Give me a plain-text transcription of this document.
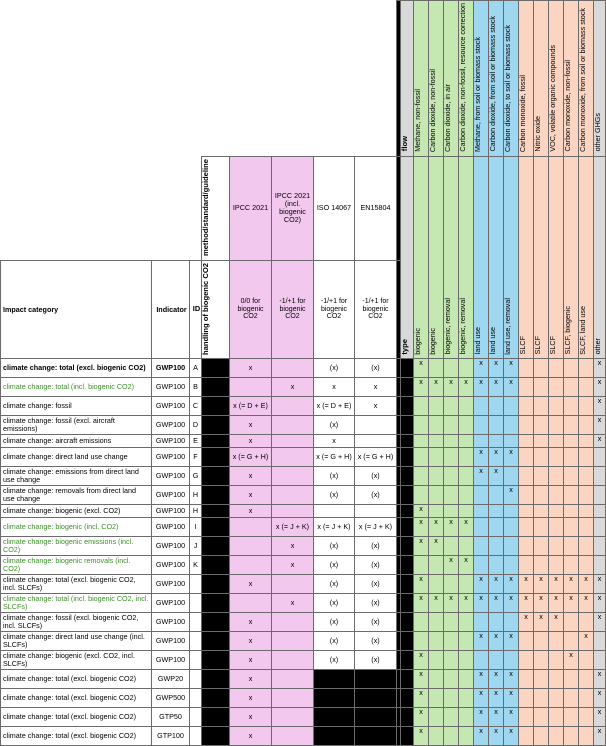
										flow	Methane, non-fossil	Carbon dioxide, non-fossil	Carbon dioxide, in air	Carbon dioxide, non-fossil, resource correction	Methane, from soil or biomass stock	Carbon dioxide, from soil or biomass stock	Carbon dioxide, to soil or biomass stock	Carbon monoxide, fossil	Nitric oxide	VOC, volatile organic compounds	Carbon monoxide, non-fossil	Carbon monoxide, from soil or biomass stock	other GHGs
			method/standard/guideline		IPCC 2021	IPCC 2021 (incl. biogenic CO2)	ISO 14067	EN15804		type	biogenic	biogenic	biogenic, removal	biogenic, removal	land use	land use	land use, removal	SLCF	SLCF	SLCF	SLCF, biogenic	SLCF, land use	other
Impact category	Indicator	ID	handling of biogenic CO2		0/0 for biogenic CO2	-1/+1 for biogenic CO2	-1/+1 for biogenic CO2	-1/+1 for biogenic CO2															
climate change: total (excl. biogenic CO2)	GWP100	A			x		(x)	(x)			x				x	x	x						x
climate change: total (incl. biogenic CO2)	GWP100	B				x	x	x			x	x	x	x	x	x	x						x
climate change: fossil	GWP100	C			x (= D + E)		x (= D + E)	x															x
climate change: fossil (excl. aircraft emissions)	GWP100	D			x		(x)																x
climate change: aircraft emissions	GWP100	E			x		x																x
climate change: direct land use change	GWP100	F			x (= G + H)		x (= G + H)	x (= G + H)							x	x	x						
climate change: emissions from direct land use change	GWP100	G			x		(x)	(x)							x	x							
climate change: removals from direct land use change	GWP100	H			x		(x)	(x)									x						
climate change: biogenic (excl. CO2)	GWP100	H			x						x												
climate change: biogenic (incl. CO2)	GWP100	I				x (= J + K)	x (= J + K)	x (= J + K)			x	x	x	x									
climate change: biogenic emissions (incl. CO2)	GWP100	J				x	(x)	(x)			x	x											
climate change: biogenic removals (incl. CO2)	GWP100	K				x	(x)	(x)					x	x									
climate change: total (excl. biogenic CO2, incl. SLCFs)	GWP100				x		(x)	(x)			x				x	x	x	x	x	x	x	x	x
climate change: total (incl. biogenic CO2, incl. SLCFs)	GWP100					x	(x)	(x)			x	x	x	x	x	x	x	x	x	x	x	x	x
climate change: fossil (excl. biogenic CO2, incl. SLCFs)	GWP100				x		(x)	(x)										x	x	x			x
climate change: direct land use change (incl. SLCFs)	GWP100				x		(x)	(x)							x	x	x					x	
climate change: biogenic (excl. CO2, incl. SLCFs)	GWP100				x		(x)	(x)			x										x		
climate change: total (excl. biogenic CO2)	GWP20				x						x				x	x	x						x
climate change: total (excl. biogenic CO2)	GWP500				x						x				x	x	x						x
climate change: total (excl. biogenic CO2)	GTP50				x						x				x	x	x						x
climate change: total (excl. biogenic CO2)	GTP100				x						x				x	x	x						x
